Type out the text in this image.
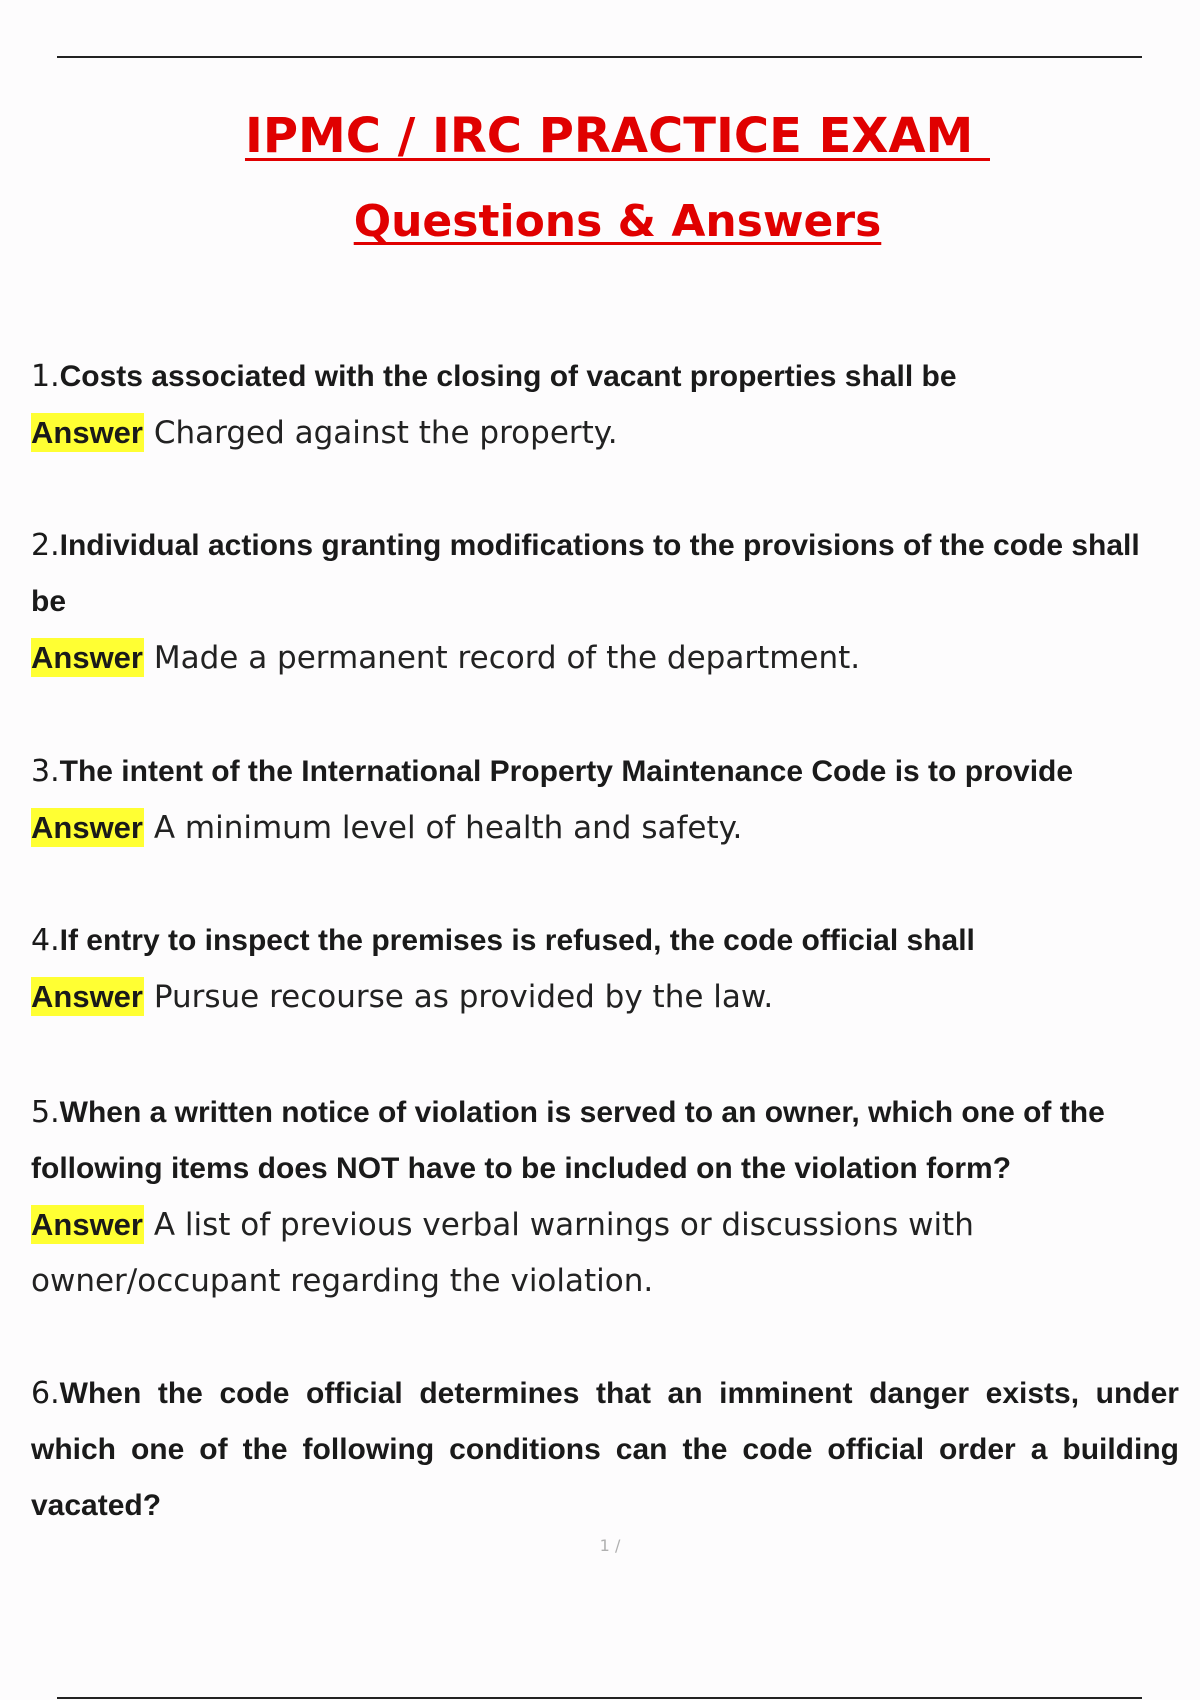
IPMC / IRC PRACTICE EXAM
Questions & Answers

1.Costs associated with the closing of vacant properties shall be

Answer Charged against the property.

2.Individual actions granting modifications to the provisions of the code shall be

Answer Made a permanent record of the department.

3.The intent of the International Property Maintenance Code is to provide

Answer A minimum level of health and safety.

4.If entry to inspect the premises is refused, the code official shall

Answer Pursue recourse as provided by the law.

5.When a written notice of violation is served to an owner, which one of the following items does NOT have to be included on the violation form?

Answer A list of previous verbal warnings or discussions with owner/occupant regarding the violation.

6.When the code official determines that an imminent danger exists, under which one of the following conditions can the code official order a building vacated?

1 /
